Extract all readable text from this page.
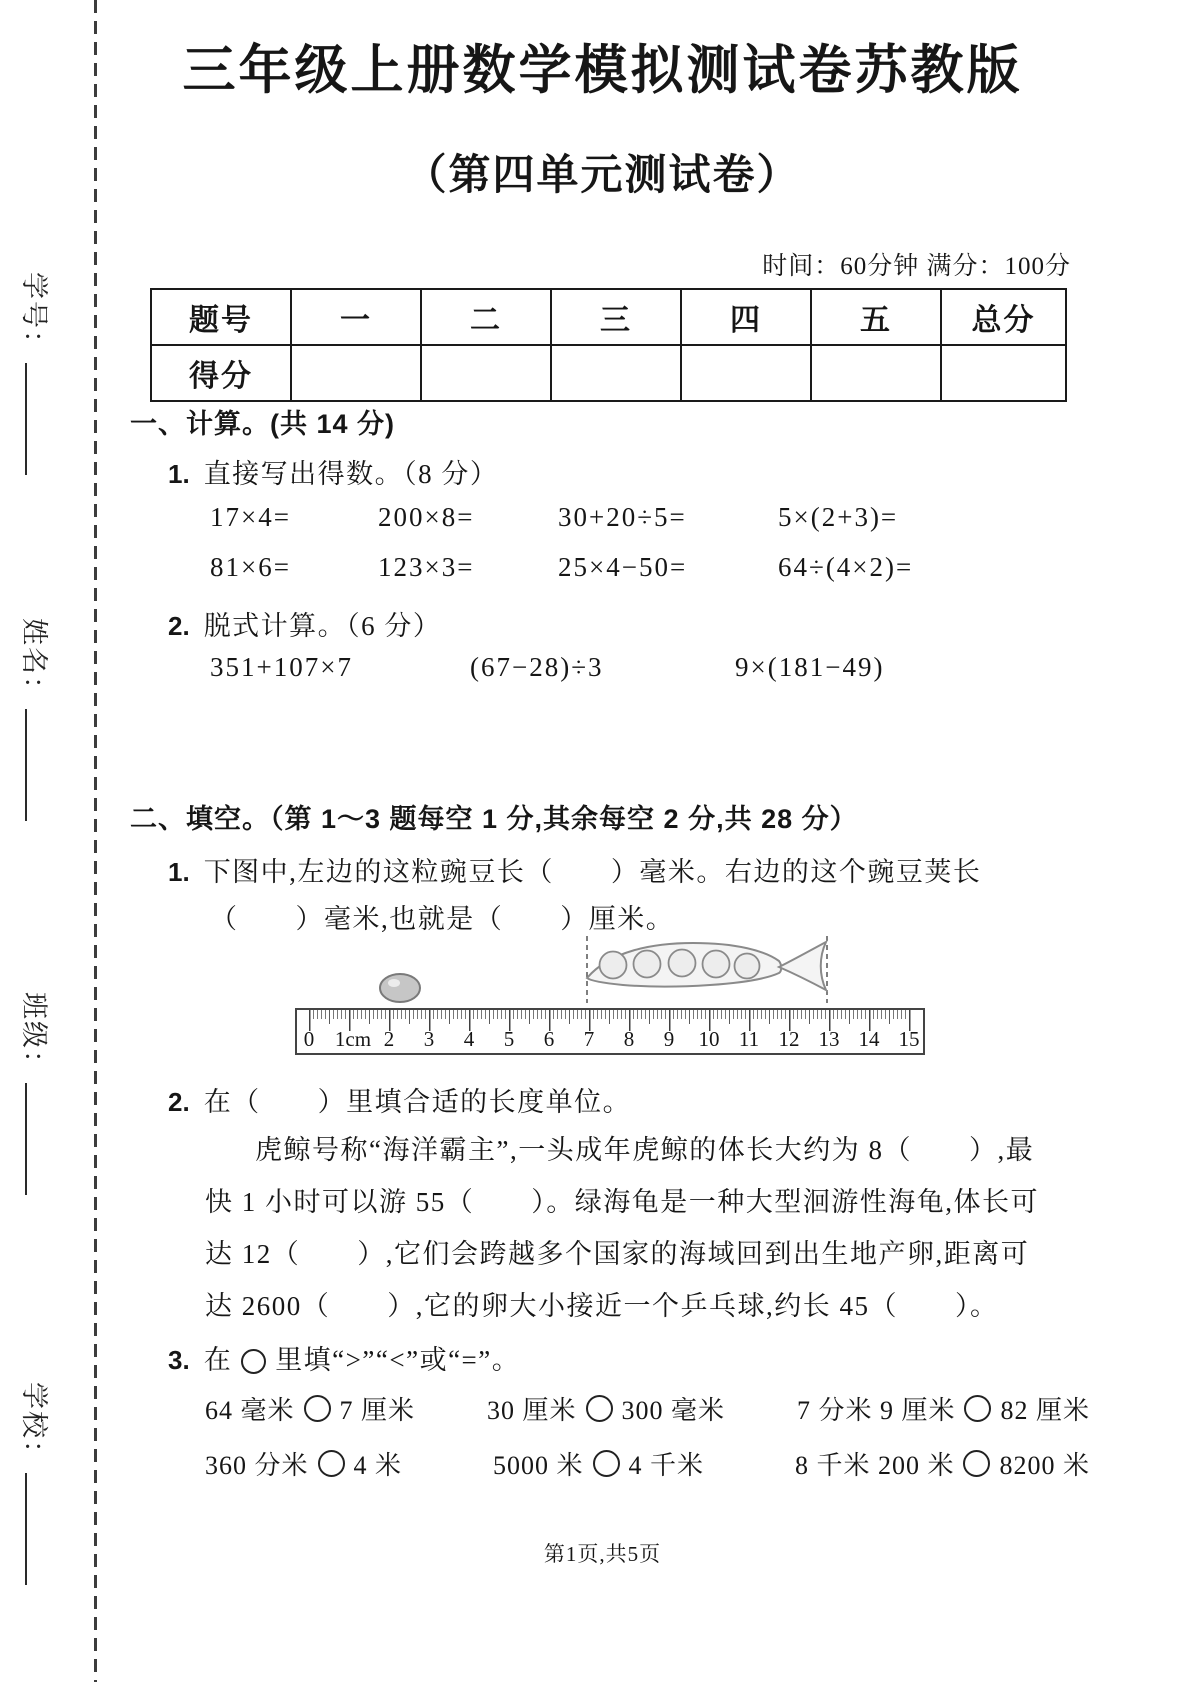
学号：
姓名：
班级：
学校：
三年级上册数学模拟测试卷苏教版
（第四单元测试卷）
时间：60分钟 满分：100分
题号	一	二	三	四	五	总分
得分						
一、计算。(共 14 分)
1. 直接写出得数。（8 分）
17×4=	200×8=	30+20÷5=	5×(2+3)=
81×6=	123×3=	25×4−50=	64÷(4×2)=
2. 脱式计算。（6 分）
351+107×7	(67−28)÷3	9×(181−49)
二、填空。（第 1～3 题每空 1 分,其余每空 2 分,共 28 分）
1. 下图中,左边的这粒豌豆长（　　）毫米。右边的这个豌豆荚长
（　　）毫米,也就是（　　）厘米。
0 1cm 2 3 4 5 6 7 8 9 10 11 12 13 14 15
2. 在（　　）里填合适的长度单位。
虎鲸号称“海洋霸主”,一头成年虎鲸的体长大约为 8（　　）,最
快 1 小时可以游 55（　　）。绿海龟是一种大型洄游性海龟,体长可
达 12（　　）,它们会跨越多个国家的海域回到出生地产卵,距离可
达 2600（　　）,它的卵大小接近一个乒乓球,约长 45（　　）。
3. 在 里填“>”“<”或“=”。
64 毫米 7 厘米	30 厘米 300 毫米	7 分米 9 厘米 82 厘米
360 分米 4 米	5000 米 4 千米	8 千米 200 米 8200 米
第1页,共5页
